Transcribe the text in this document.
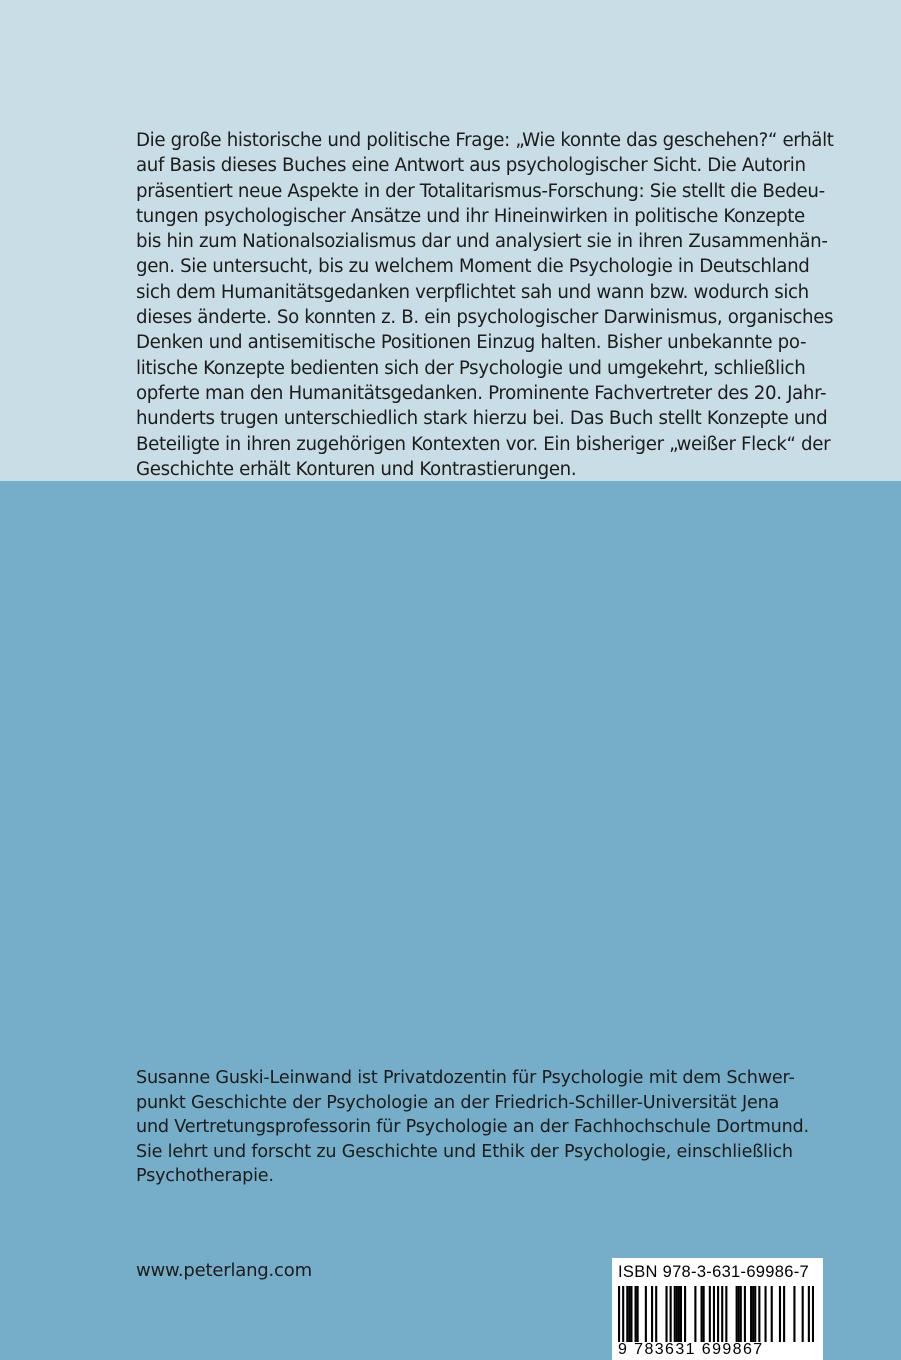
Die große historische und politische Frage: „Wie konnte das geschehen?“ erhält
auf Basis dieses Buches eine Antwort aus psychologischer Sicht. Die Autorin
präsentiert neue Aspekte in der Totalitarismus-Forschung: Sie stellt die Bedeu-
tungen psychologischer Ansätze und ihr Hineinwirken in politische Konzepte
bis hin zum Nationalsozialismus dar und analysiert sie in ihren Zusammenhän-
gen. Sie untersucht, bis zu welchem Moment die Psychologie in Deutschland
sich dem Humanitätsgedanken verpflichtet sah und wann bzw. wodurch sich
dieses änderte. So konnten z. B. ein psychologischer Darwinismus, organisches
Denken und antisemitische Positionen Einzug halten. Bisher unbekannte po-
litische Konzepte bedienten sich der Psychologie und umgekehrt, schließlich
opferte man den Humanitätsgedanken. Prominente Fachvertreter des 20. Jahr-
hunderts trugen unterschiedlich stark hierzu bei. Das Buch stellt Konzepte und
Beteiligte in ihren zugehörigen Kontexten vor. Ein bisheriger „weißer Fleck“ der
Geschichte erhält Konturen und Kontrastierungen.
Susanne Guski-Leinwand ist Privatdozentin für Psychologie mit dem Schwer-
punkt Geschichte der Psychologie an der Friedrich-Schiller-Universität Jena
und Vertretungsprofessorin für Psychologie an der Fachhochschule Dortmund.
Sie lehrt und forscht zu Geschichte und Ethik der Psychologie, einschließlich
Psychotherapie.
www.peterlang.com	ISBN 978-3-631-69986-7
9 783631 699867
